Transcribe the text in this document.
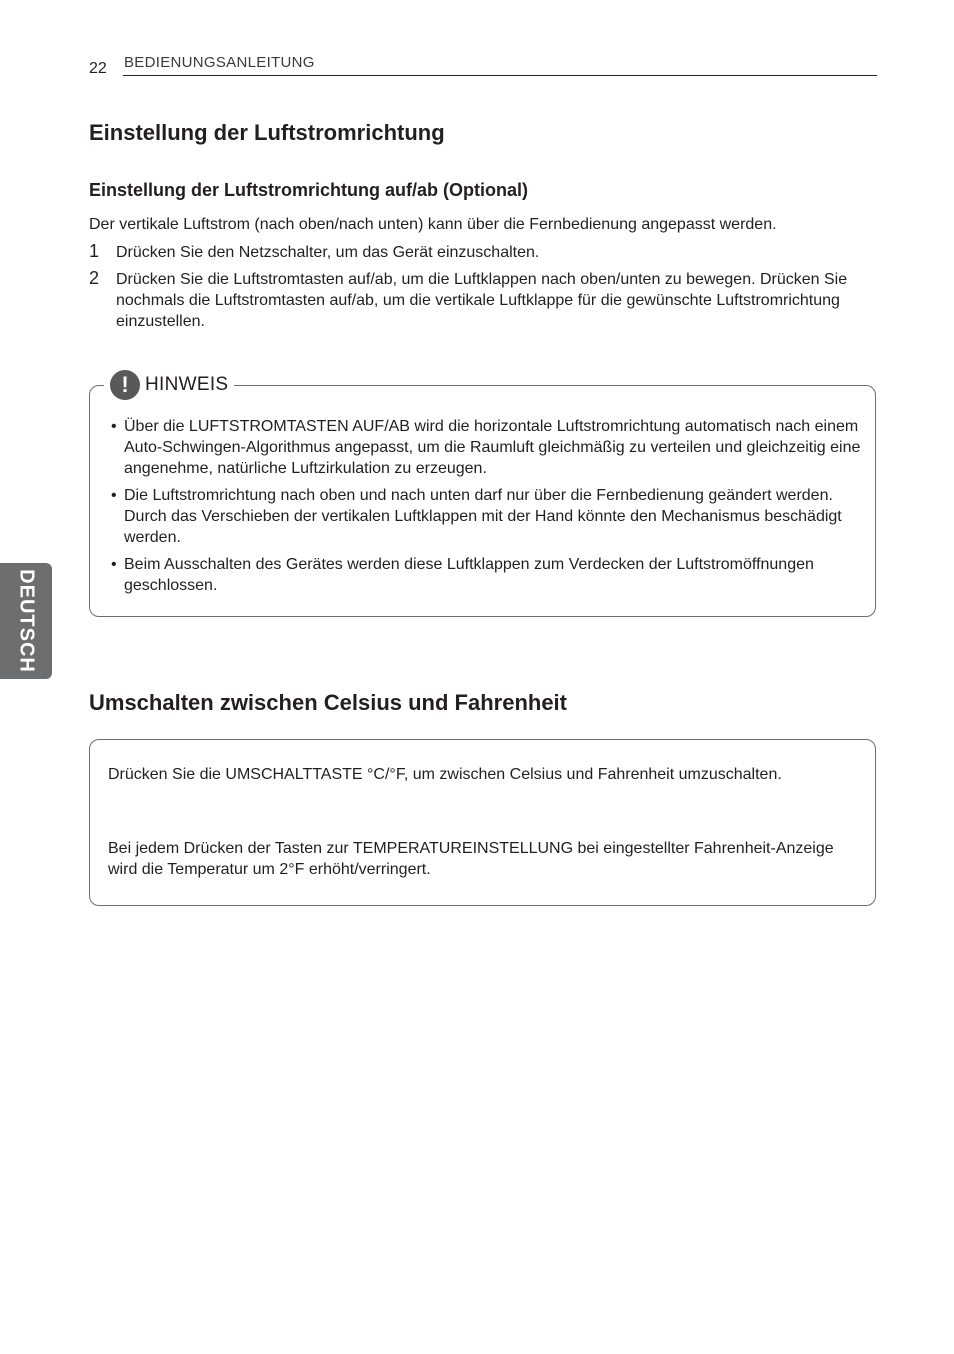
22 BEDIENUNGSANLEITUNG
DEUTSCH
Einstellung der Luftstromrichtung
Einstellung der Luftstromrichtung auf/ab (Optional)

Der vertikale Luftstrom (nach oben/nach unten) kann über die Fernbedienung angepasst werden.

1 Drücken Sie den Netzschalter, um das Gerät einzuschalten.
2 Drücken Sie die Luftstromtasten auf/ab, um die Luftklappen nach oben/unten zu bewegen. Drücken Sie nochmals die Luftstromtasten auf/ab, um die vertikale Luftklappe für die gewünschte Luftstromrichtung einzustellen.
! HINWEIS
• Über die LUFTSTROMTASTEN AUF/AB wird die horizontale Luftstromrichtung automatisch nach einem Auto-Schwingen-Algorithmus angepasst, um die Raumluft gleichmäßig zu verteilen und gleichzeitig eine angenehme, natürliche Luftzirkulation zu erzeugen.
• Die Luftstromrichtung nach oben und nach unten darf nur über die Fernbedienung geändert werden. Durch das Verschieben der vertikalen Luftklappen mit der Hand könnte den Mechanismus beschädigt werden.
• Beim Ausschalten des Gerätes werden diese Luftklappen zum Verdecken der Luftstromöffnungen geschlossen.
Umschalten zwischen Celsius und Fahrenheit

Drücken Sie die UMSCHALTTASTE °C/°F, um zwischen Celsius und Fahrenheit umzuschalten.

Bei jedem Drücken der Tasten zur TEMPERATUREINSTELLUNG bei eingestellter Fahrenheit-Anzeige wird die Temperatur um 2°F erhöht/verringert.
